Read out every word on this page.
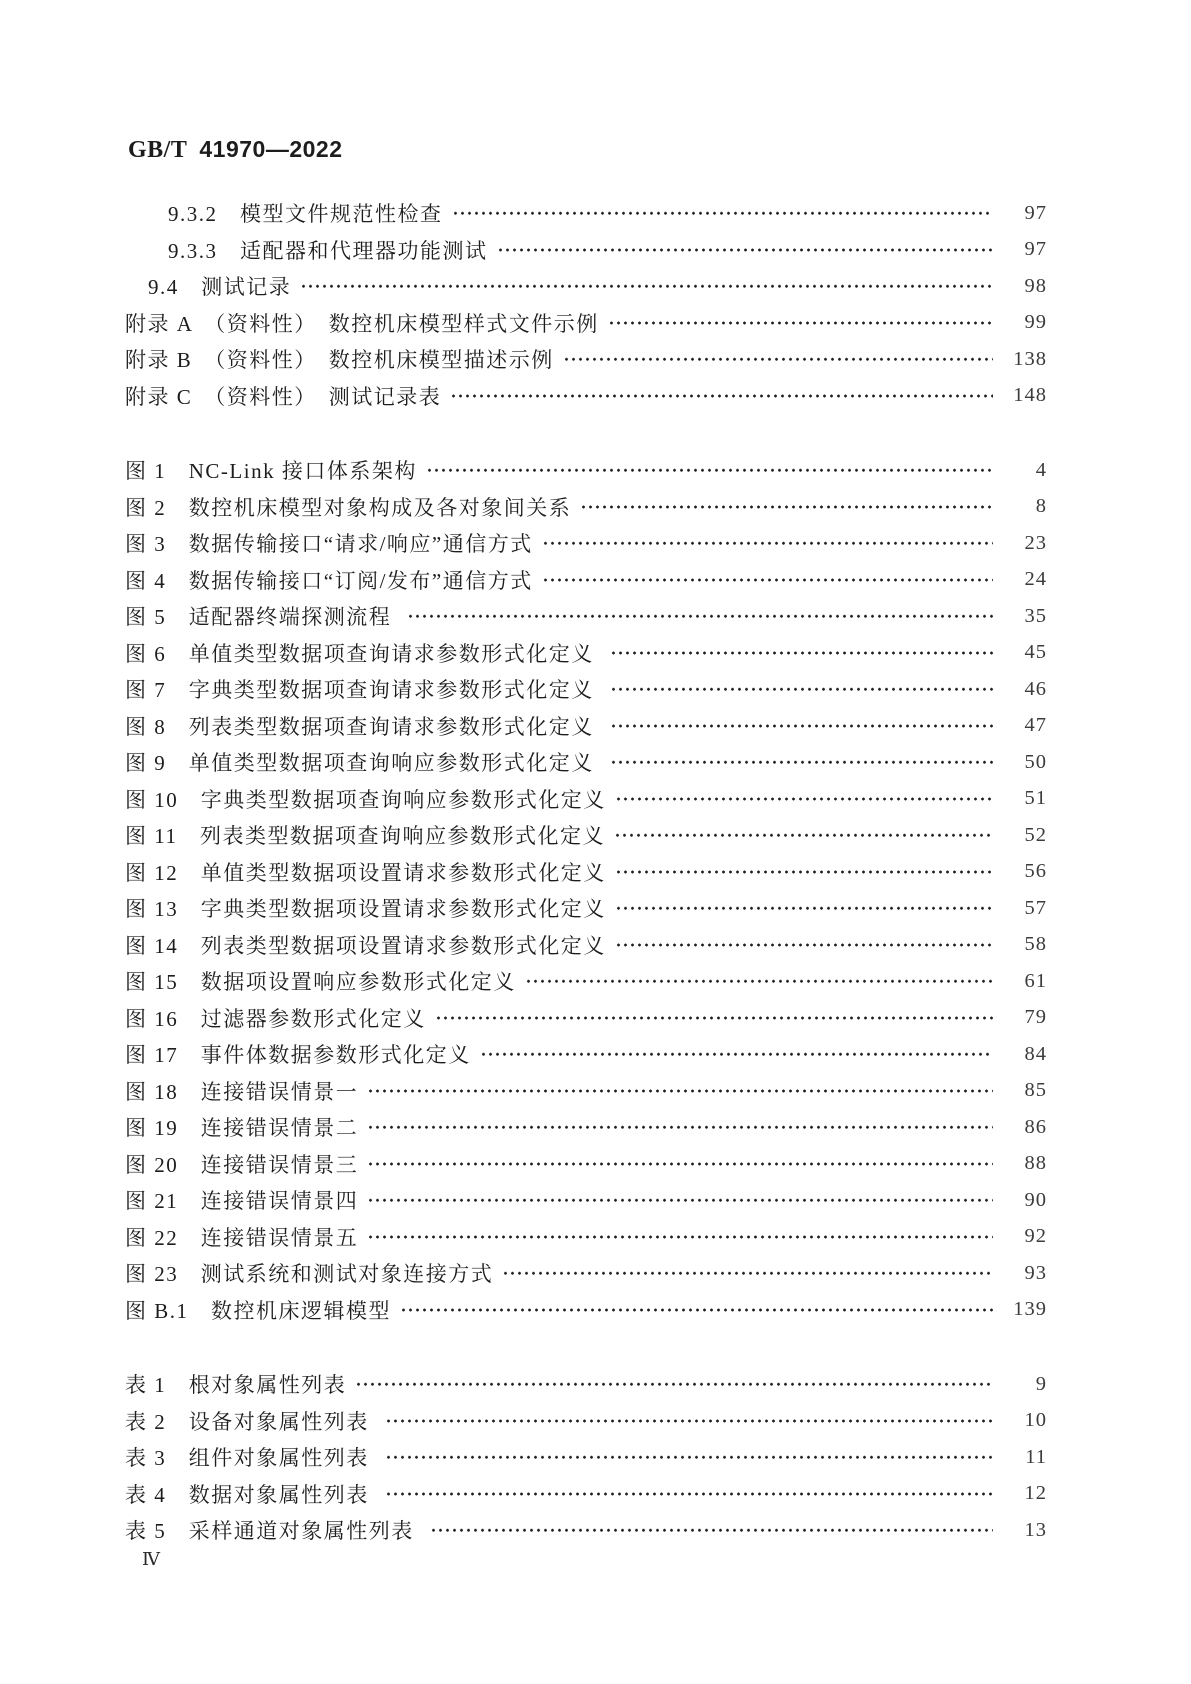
GB/T 41970—2022
9.3.2　模型文件规范性检查	97
9.3.3　适配器和代理器功能测试	97
9.4　测试记录	98
附录 A　（资料性）　数控机床模型样式文件示例	99
附录 B　（资料性）　数控机床模型描述示例	138
附录 C　（资料性）　测试记录表	148
图 1　NC-Link 接口体系架构	4
图 2　数控机床模型对象构成及各对象间关系	8
图 3　数据传输接口“请求/响应”通信方式	23
图 4　数据传输接口“订阅/发布”通信方式	24
图 5　适配器终端探测流程	35
图 6　单值类型数据项查询请求参数形式化定义	45
图 7　字典类型数据项查询请求参数形式化定义	46
图 8　列表类型数据项查询请求参数形式化定义	47
图 9　单值类型数据项查询响应参数形式化定义	50
图 10　字典类型数据项查询响应参数形式化定义	51
图 11　列表类型数据项查询响应参数形式化定义	52
图 12　单值类型数据项设置请求参数形式化定义	56
图 13　字典类型数据项设置请求参数形式化定义	57
图 14　列表类型数据项设置请求参数形式化定义	58
图 15　数据项设置响应参数形式化定义	61
图 16　过滤器参数形式化定义	79
图 17　事件体数据参数形式化定义	84
图 18　连接错误情景一	85
图 19　连接错误情景二	86
图 20　连接错误情景三	88
图 21　连接错误情景四	90
图 22　连接错误情景五	92
图 23　测试系统和测试对象连接方式	93
图 B.1　数控机床逻辑模型	139
表 1　根对象属性列表	9
表 2　设备对象属性列表	10
表 3　组件对象属性列表	11
表 4　数据对象属性列表	12
表 5　采样通道对象属性列表	13
Ⅳ
